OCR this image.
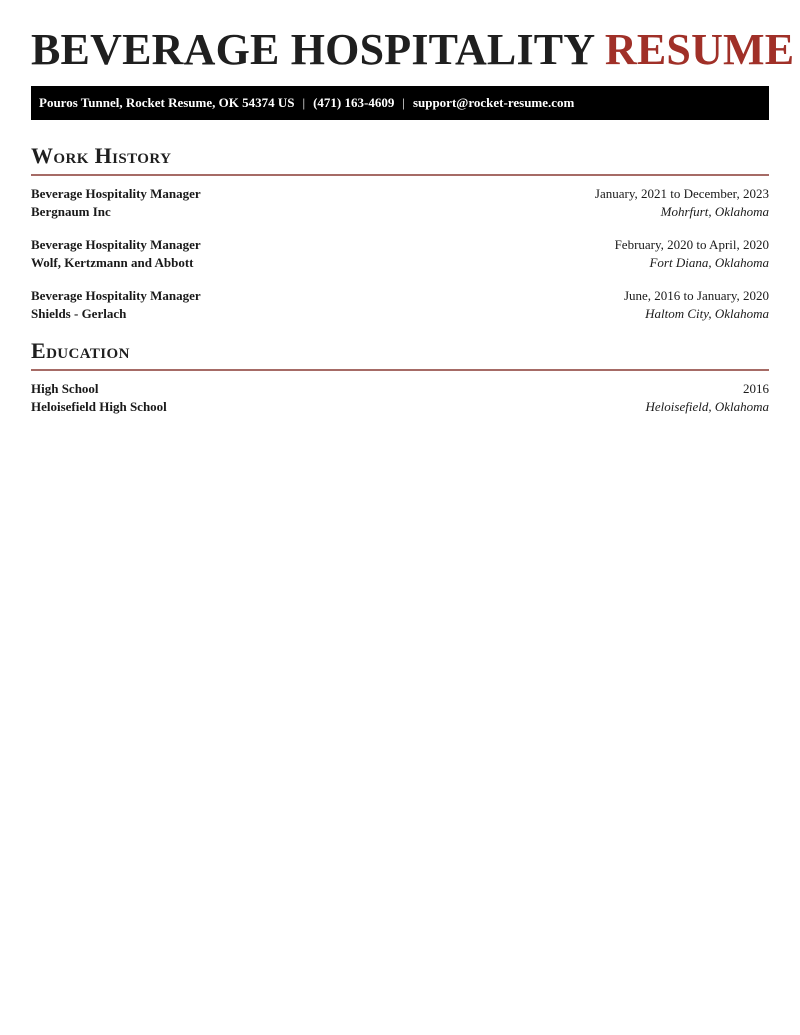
BEVERAGE HOSPITALITY RESUME
Pouros Tunnel, Rocket Resume, OK 54374 US | (471) 163-4609 | support@rocket-resume.com
Work History
Beverage Hospitality Manager	January, 2021 to December, 2023
Bergnaum Inc	Mohrfurt, Oklahoma
Beverage Hospitality Manager	February, 2020 to April, 2020
Wolf, Kertzmann and Abbott	Fort Diana, Oklahoma
Beverage Hospitality Manager	June, 2016 to January, 2020
Shields - Gerlach	Haltom City, Oklahoma
Education
High School	2016
Heloisefield High School	Heloisefield, Oklahoma
